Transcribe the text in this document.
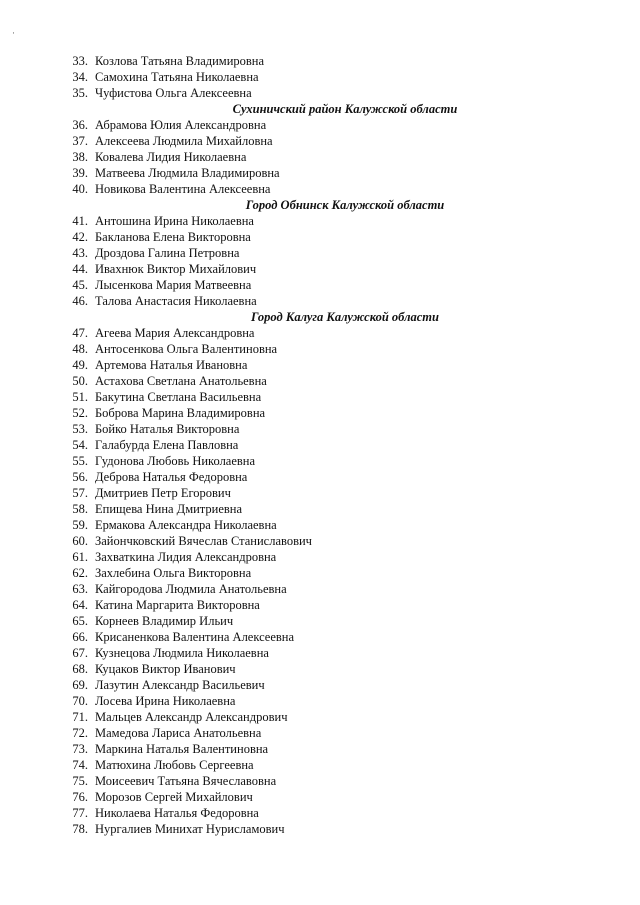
·
33. Козлова Татьяна Владимировна
34. Самохина Татьяна Николаевна
35. Чуфистова Ольга Алексеевна
Сухиничский район Калужской области
36. Абрамова Юлия Александровна
37. Алексеева Людмила Михайловна
38. Ковалева Лидия Николаевна
39. Матвеева Людмила Владимировна
40. Новикова Валентина Алексеевна
Город Обнинск Калужской области
41. Антошина Ирина Николаевна
42. Бакланова Елена Викторовна
43. Дроздова Галина Петровна
44. Ивахнюк Виктор Михайлович
45. Лысенкова Мария Матвеевна
46. Талова Анастасия Николаевна
Город Калуга Калужской области
47. Агеева Мария Александровна
48. Антосенкова Ольга Валентиновна
49. Артемова Наталья Ивановна
50. Астахова Светлана Анатольевна
51. Бакутина Светлана Васильевна
52. Боброва Марина Владимировна
53. Бойко Наталья Викторовна
54. Галабурда Елена Павловна
55. Гудонова Любовь Николаевна
56. Деброва Наталья Федоровна
57. Дмитриев Петр Егорович
58. Епищева Нина Дмитриевна
59. Ермакова Александра Николаевна
60. Зайончковский Вячеслав Станиславович
61. Захваткина Лидия Александровна
62. Захлебина Ольга Викторовна
63. Кайгородова Людмила Анатольевна
64. Катина Маргарита Викторовна
65. Корнеев Владимир Ильич
66. Крисаненкова Валентина Алексеевна
67. Кузнецова Людмила Николаевна
68. Куцаков Виктор Иванович
69. Лазутин Александр Васильевич
70. Лосева Ирина Николаевна
71. Мальцев Александр Александрович
72. Мамедова Лариса Анатольевна
73. Маркина Наталья Валентиновна
74. Матюхина Любовь Сергеевна
75. Моисеевич Татьяна Вячеславовна
76. Морозов Сергей Михайлович
77. Николаева Наталья Федоровна
78. Нургалиев Минихат Нурисламович
